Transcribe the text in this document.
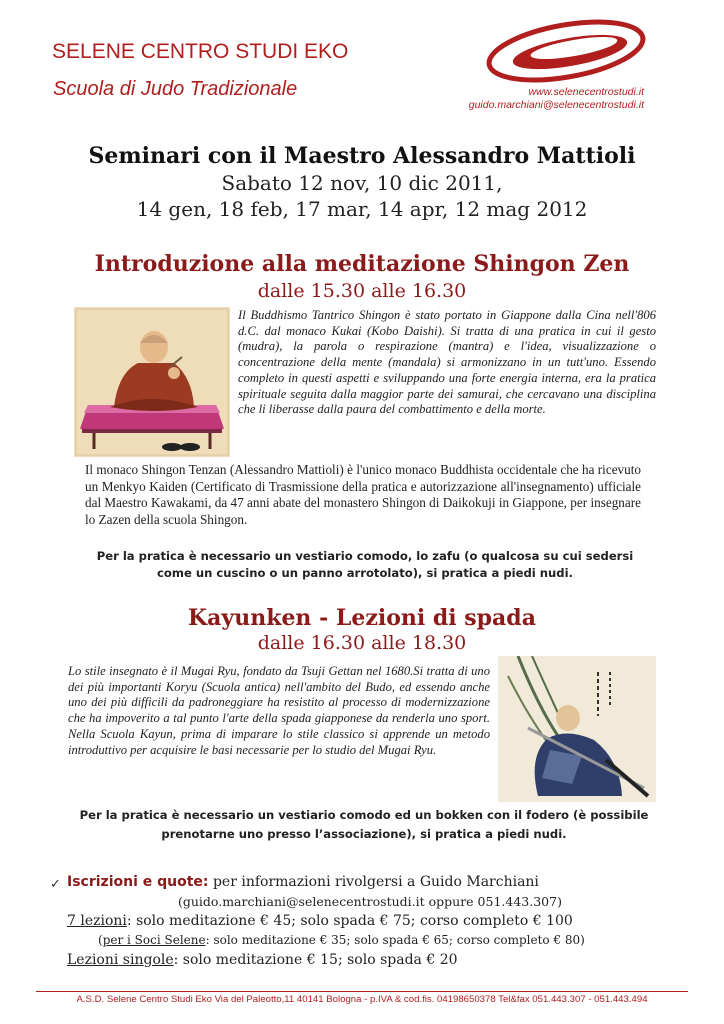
SELENE CENTRO STUDI EKO
Scuola di Judo Tradizionale	www.selenecentrostudi.it
guido.marchiani@selenecentrostudi.it
Seminari con il Maestro Alessandro Mattioli
Sabato 12 nov, 10 dic 2011,
14 gen, 18 feb, 17 mar, 14 apr, 12 mag 2012
Introduzione alla meditazione Shingon Zen
dalle 15.30 alle 16.30
Il Buddhismo Tantrico Shingon è stato portato in Giappone dalla Cina nell'806 d.C. dal monaco Kukai (Kobo Daishi). Si tratta di una pratica in cui il gesto (mudra), la parola o respirazione (mantra) e l'idea, visualizzazione o concentrazione della mente (mandala) si armonizzano in un tutt'uno. Essendo completo in questi aspetti e sviluppando una forte energia interna, era la pratica spirituale seguita dalla maggior parte dei samurai, che cercavano una disciplina che li liberasse dalla paura del combattimento e della morte.
Il monaco Shingon Tenzan (Alessandro Mattioli) è l'unico monaco Buddhista occidentale che ha ricevuto un Menkyo Kaiden (Certificato di Trasmissione della pratica e autorizzazione all'insegnamento) ufficiale dal Maestro Kawakami, da 47 anni abate del monastero Shingon di Daikokuji in Giappone, per insegnare lo Zazen della scuola Shingon.
Per la pratica è necessario un vestiario comodo, lo zafu (o qualcosa su cui sedersi come un cuscino o un panno arrotolato), si pratica a piedi nudi.
Kayunken - Lezioni di spada
dalle 16.30 alle 18.30
Lo stile insegnato è il Mugai Ryu, fondato da Tsuji Gettan nel 1680.Si tratta di uno dei più importanti Koryu (Scuola antica) nell'ambito del Budo, ed essendo anche uno dei più difficili da padroneggiare ha resistito al processo di modernizzazione che ha impoverito a tal punto l'arte della spada giapponese da renderla uno sport. Nella Scuola Kayun, prima di imparare lo stile classico si apprende un metodo introduttivo per acquisire le basi necessarie per lo studio del Mugai Ryu.
Per la pratica è necessario un vestiario comodo ed un bokken con il fodero (è possibile prenotarne uno presso l’associazione), si pratica a piedi nudi.
✓ Iscrizioni e quote: per informazioni rivolgersi a Guido Marchiani
(guido.marchiani@selenecentrostudi.it oppure 051.443.307)
7 lezioni: solo meditazione € 45; solo spada € 75; corso completo € 100
(per i Soci Selene: solo meditazione € 35; solo spada € 65; corso completo € 80)
Lezioni singole: solo meditazione € 15; solo spada € 20
A.S.D. Selene Centro Studi Eko Via del Paleotto,11 40141 Bologna - p.IVA & cod.fis. 04198650378 Tel&fax 051.443.307 - 051.443.494
